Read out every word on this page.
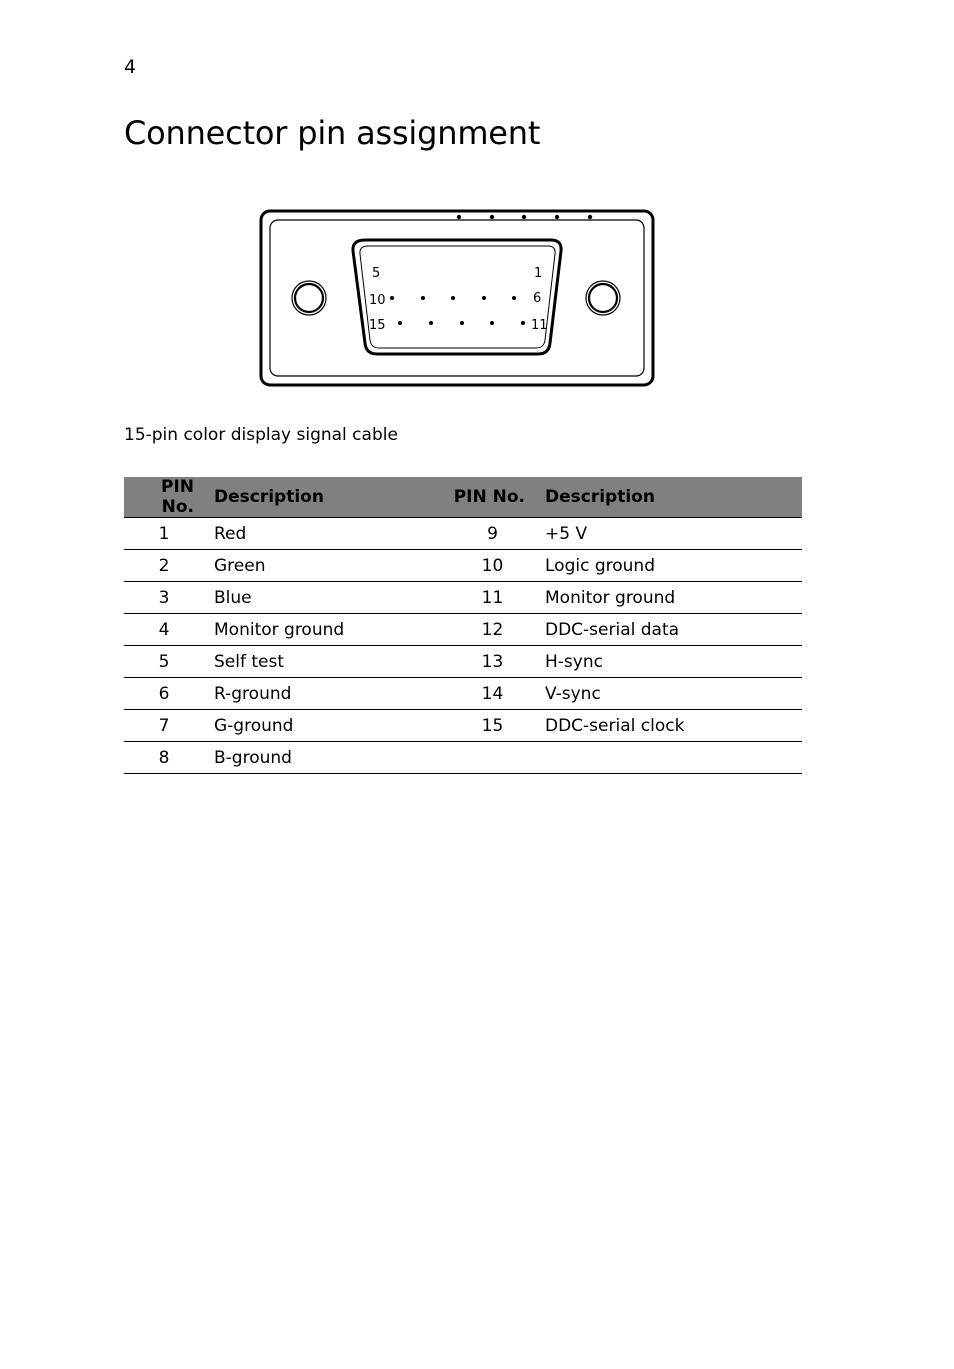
4
Connector pin assignment
5	1
10	6
15	11
15-pin color display signal cable
PIN No.	Description	PIN No.	Description
1	Red	9	+5 V
2	Green	10	Logic ground
3	Blue	11	Monitor ground
4	Monitor ground	12	DDC-serial data
5	Self test	13	H-sync
6	R-ground	14	V-sync
7	G-ground	15	DDC-serial clock
8	B-ground		
